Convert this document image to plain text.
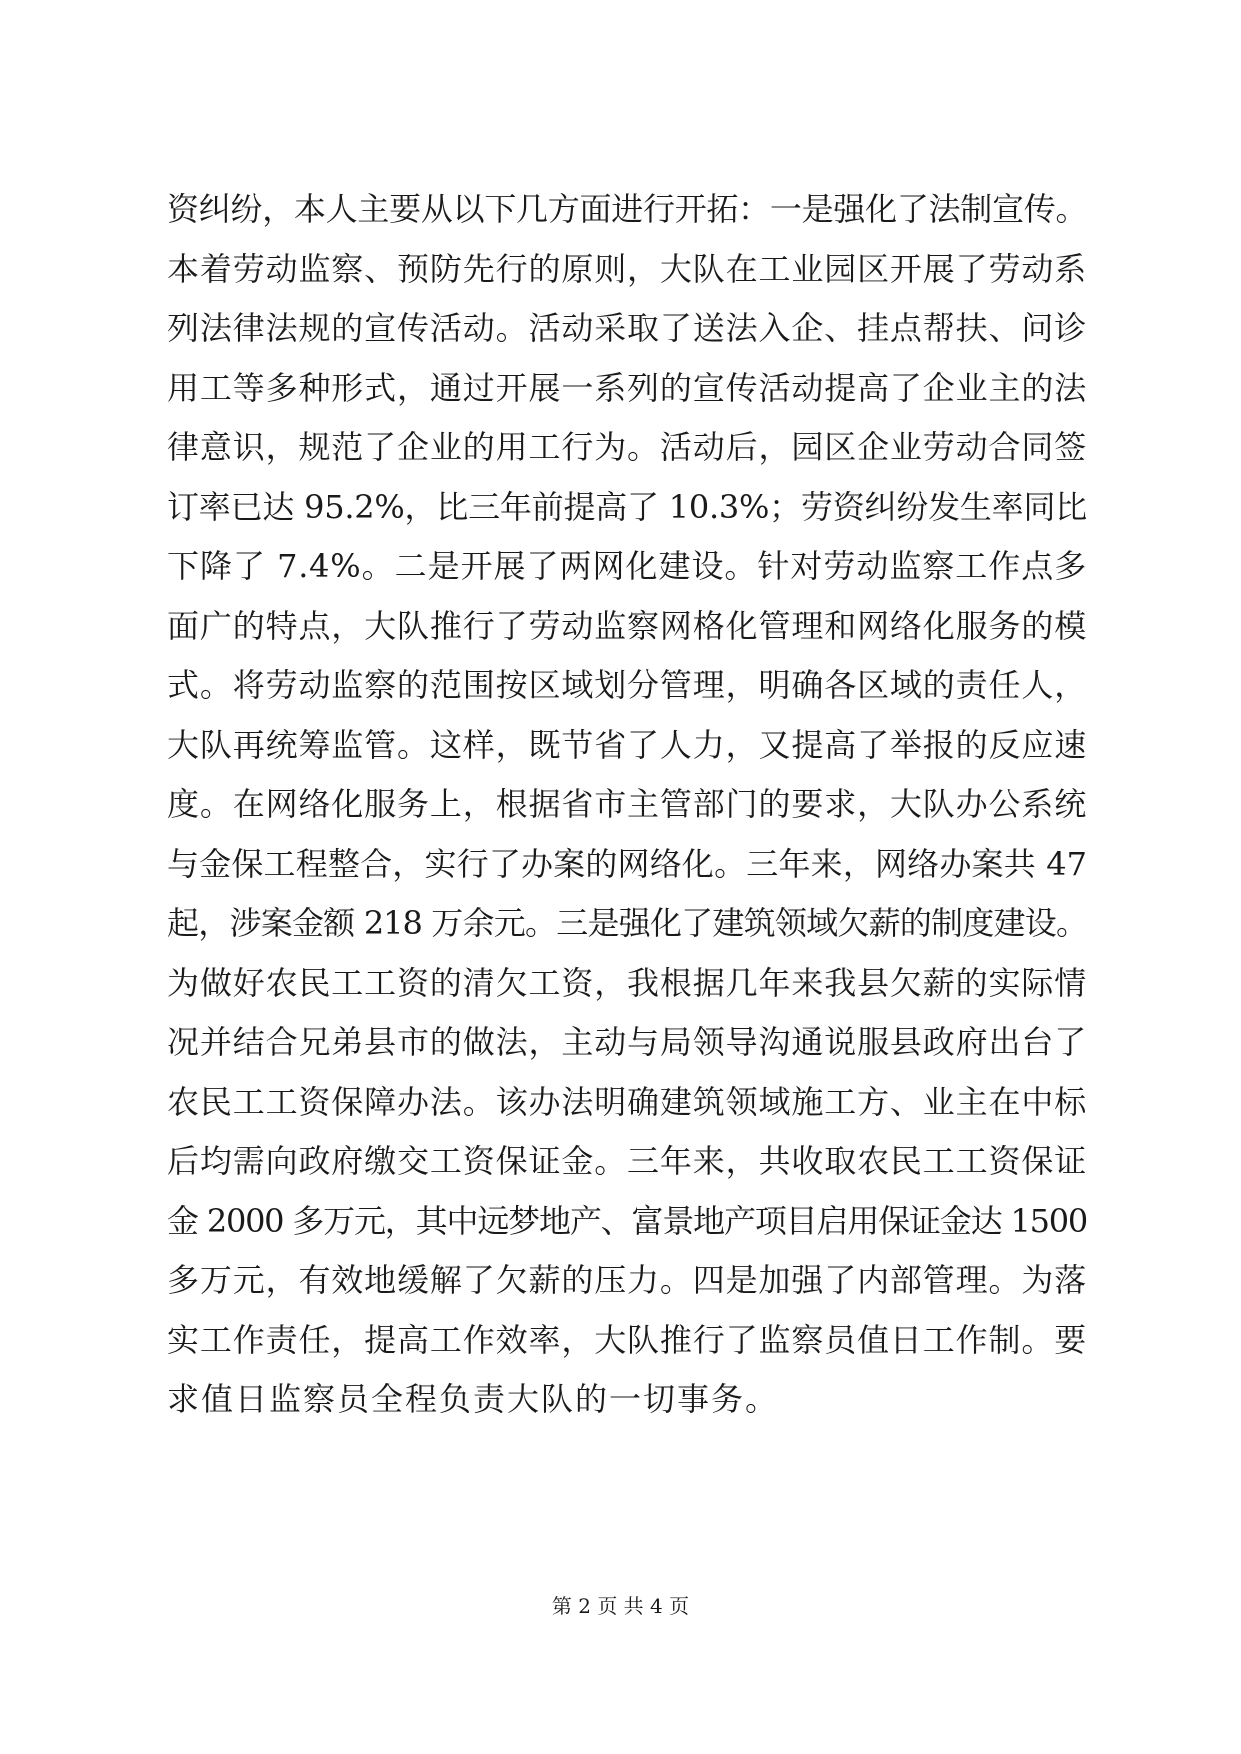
资纠纷，本人主要从以下几方面进行开拓：一是强化了法制宣传。
本着劳动监察、预防先行的原则，大队在工业园区开展了劳动系
列法律法规的宣传活动。活动采取了送法入企、挂点帮扶、问诊
用工等多种形式，通过开展一系列的宣传活动提高了企业主的法
律意识，规范了企业的用工行为。活动后，园区企业劳动合同签
订率已达 95.2%，比三年前提高了 10.3%；劳资纠纷发生率同比
下降了 7.4%。二是开展了两网化建设。针对劳动监察工作点多
面广的特点，大队推行了劳动监察网格化管理和网络化服务的模
式。将劳动监察的范围按区域划分管理，明确各区域的责任人，
大队再统筹监管。这样，既节省了人力，又提高了举报的反应速
度。在网络化服务上，根据省市主管部门的要求，大队办公系统
与金保工程整合，实行了办案的网络化。三年来，网络办案共 47
起，涉案金额 218 万余元。三是强化了建筑领域欠薪的制度建设。
为做好农民工工资的清欠工资，我根据几年来我县欠薪的实际情
况并结合兄弟县市的做法，主动与局领导沟通说服县政府出台了
农民工工资保障办法。该办法明确建筑领域施工方、业主在中标
后均需向政府缴交工资保证金。三年来，共收取农民工工资保证
金 2000 多万元，其中远梦地产、富景地产项目启用保证金达 1500
多万元，有效地缓解了欠薪的压力。四是加强了内部管理。为落
实工作责任，提高工作效率，大队推行了监察员值日工作制。要
求值日监察员全程负责大队的一切事务。
第 2 页 共 4 页
